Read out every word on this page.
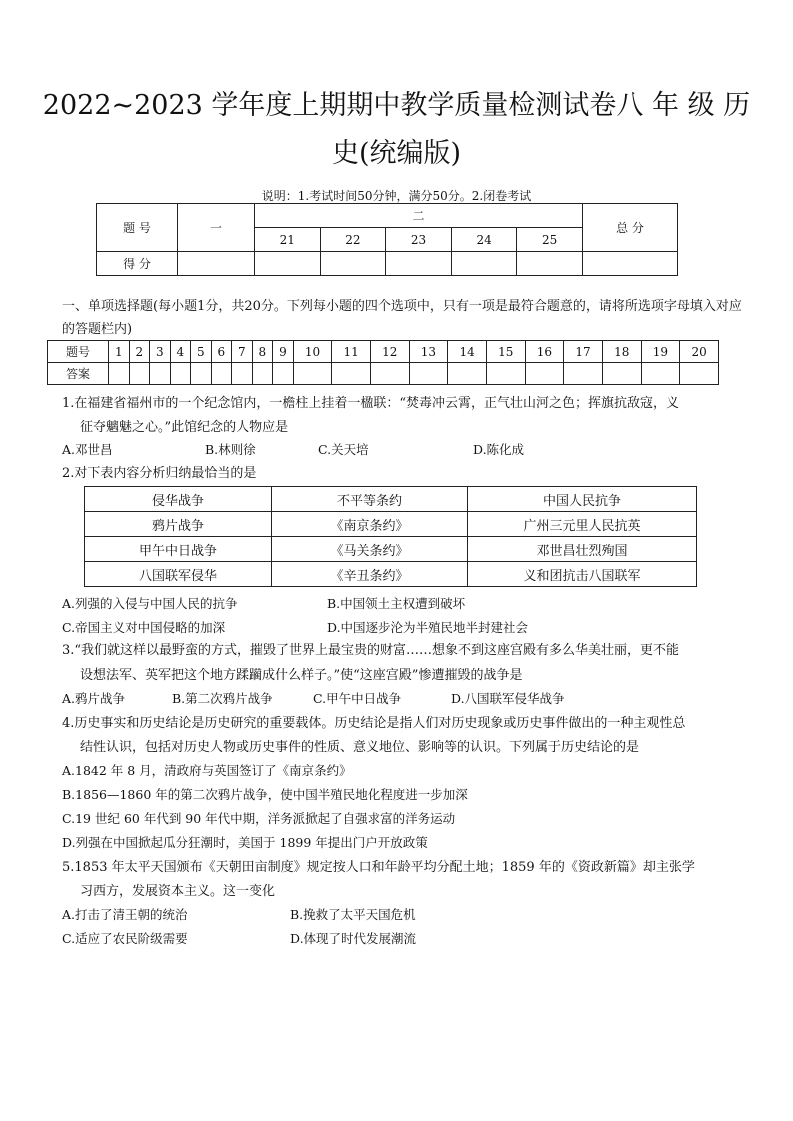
2022~2023 学年度上期期中教学质量检测试卷八 年 级 历史(统编版)
说明：1.考试时间50分钟，满分50分。2.闭卷考试
题 号	一	二					总 分
		21	22	23	24	25	
得 分							
一、单项选择题(每小题1分，共20分。下列每小题的四个选项中，只有一项是最符合题意的，请将所选项字母填入对应的答题栏内)
题号	1	2	3	4	5	6	7	8	9	10	11	12	13	14	15	16	17	18	19	20
答案																				
1.在福建省福州市的一个纪念馆内，一檐柱上挂着一楹联：“焚毒冲云霄，正气壮山河之色；挥旗抗敌寇，义
征夺魑魅之心。”此馆纪念的人物应是
A.邓世昌	B.林则徐	C.关天培	D.陈化成
2.对下表内容分析归纳最恰当的是
侵华战争	不平等条约	中国人民抗争
鸦片战争	《南京条约》	广州三元里人民抗英
甲午中日战争	《马关条约》	邓世昌壮烈殉国
八国联军侵华	《辛丑条约》	义和团抗击八国联军
A.列强的入侵与中国人民的抗争	B.中国领土主权遭到破坏
C.帝国主义对中国侵略的加深	D.中国逐步沦为半殖民地半封建社会
3.“我们就这样以最野蛮的方式，摧毁了世界上最宝贵的财富……想象不到这座宫殿有多么华美壮丽，更不能
设想法军、英军把这个地方蹂躏成什么样子。”使“这座宫殿”惨遭摧毁的战争是
A.鸦片战争	B.第二次鸦片战争	C.甲午中日战争	D.八国联军侵华战争
4.历史事实和历史结论是历史研究的重要载体。历史结论是指人们对历史现象或历史事件做出的一种主观性总
结性认识，包括对历史人物或历史事件的性质、意义地位、影响等的认识。下列属于历史结论的是
A.1842 年 8 月，清政府与英国签订了《南京条约》
B.1856—1860 年的第二次鸦片战争，使中国半殖民地化程度进一步加深
C.19 世纪 60 年代到 90 年代中期，洋务派掀起了自强求富的洋务运动
D.列强在中国掀起瓜分狂潮时，美国于 1899 年提出门户开放政策
5.1853 年太平天国颁布《天朝田亩制度》规定按人口和年龄平均分配土地；1859 年的《资政新篇》却主张学
习西方，发展资本主义。这一变化
A.打击了清王朝的统治	B.挽救了太平天国危机
C.适应了农民阶级需要	D.体现了时代发展潮流
